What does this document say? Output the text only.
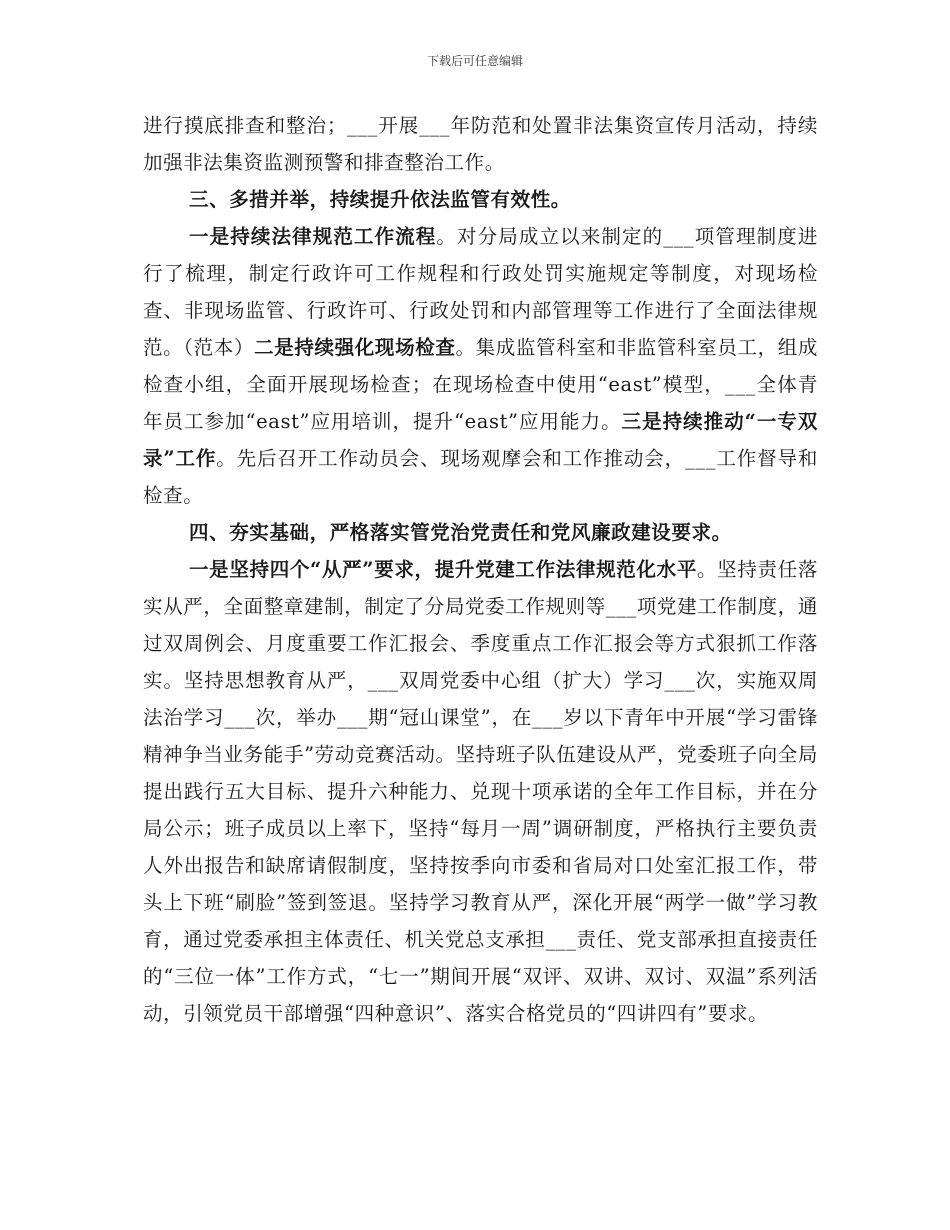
下载后可任意编辑

进行摸底排查和整治；___开展___年防范和处置非法集资宣传月活动，持续加强非法集资监测预警和排查整治工作。

三、多措并举，持续提升依法监管有效性。

一是持续法律规范工作流程。对分局成立以来制定的___项管理制度进行了梳理，制定行政许可工作规程和行政处罚实施规定等制度，对现场检查、非现场监管、行政许可、行政处罚和内部管理等工作进行了全面法律规范。（范本）二是持续强化现场检查。集成监管科室和非监管科室员工，组成检查小组，全面开展现场检查；在现场检查中使用“east”模型，___全体青年员工参加“east”应用培训，提升“east”应用能力。三是持续推动“一专双录”工作。先后召开工作动员会、现场观摩会和工作推动会，___工作督导和检查。

四、夯实基础，严格落实管党治党责任和党风廉政建设要求。

一是坚持四个“从严”要求，提升党建工作法律规范化水平。坚持责任落实从严，全面整章建制，制定了分局党委工作规则等___项党建工作制度，通过双周例会、月度重要工作汇报会、季度重点工作汇报会等方式狠抓工作落实。坚持思想教育从严，___双周党委中心组（扩大）学习___次，实施双周法治学习___次，举办___期“冠山课堂”，在___岁以下青年中开展“学习雷锋精神争当业务能手”劳动竞赛活动。坚持班子队伍建设从严，党委班子向全局提出践行五大目标、提升六种能力、兑现十项承诺的全年工作目标，并在分局公示；班子成员以上率下，坚持“每月一周”调研制度，严格执行主要负责人外出报告和缺席请假制度，坚持按季向市委和省局对口处室汇报工作，带头上下班“刷脸”签到签退。坚持学习教育从严，深化开展“两学一做”学习教育，通过党委承担主体责任、机关党总支承担___责任、党支部承担直接责任的“三位一体”工作方式，“七一”期间开展“双评、双讲、双讨、双温”系列活动，引领党员干部增强“四种意识”、落实合格党员的“四讲四有”要求。
